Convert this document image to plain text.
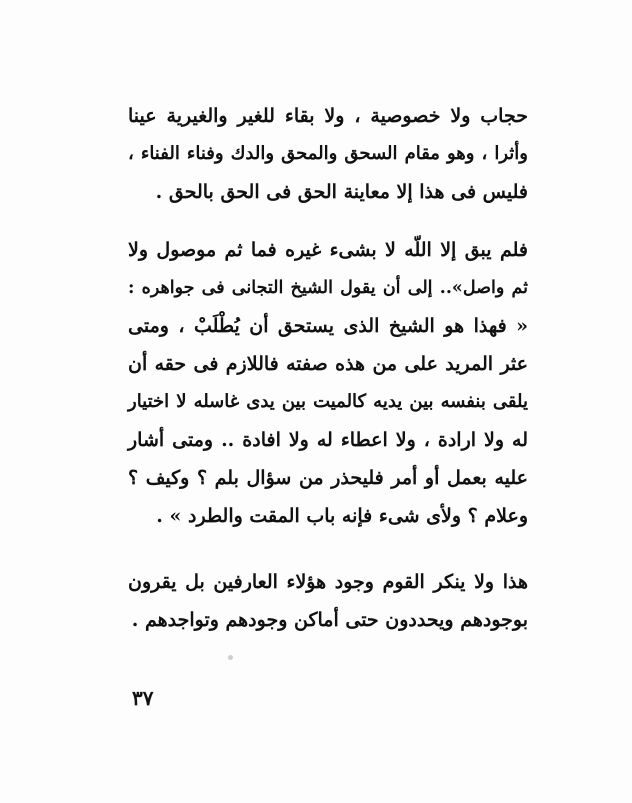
حجاب ولا خصوصية ، ولا بقاء للغير والغيرية عينا
وأثرا ، وهو مقام السحق والمحق والدك وفناء الفناء ،
فليس فى هذا إلا معاينة الحق فى الحق بالحق .
فلم يبق إلا اللّه لا بشىء غيره فما ثم موصول ولا
ثم واصل».. إلى أن يقول الشيخ التجانى فى جواهره :
« فهذا هو الشيخ الذى يستحق أن يُطْلَبْ ، ومتى
عثر المريد على من هذه صفته فاللازم فى حقه أن
يلقى بنفسه بين يديه كالميت بين يدى غاسله لا اختيار
له ولا ارادة ، ولا اعطاء له ولا افادة .. ومتى أشار
عليه بعمل أو أمر فليحذر من سؤال بلم ؟ وكيف ؟
وعلام ؟ ولأى شىء فإنه باب المقت والطرد » .
هذا ولا ينكر القوم وجود هؤلاء العارفين بل يقرون
بوجودهم ويحددون حتى أماكن وجودهم وتواجدهم .
٣٧
